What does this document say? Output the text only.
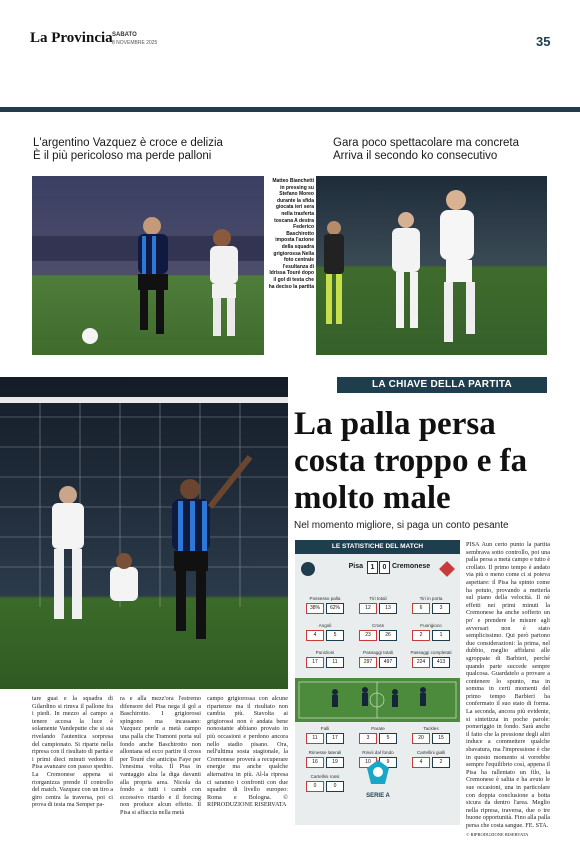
La Provincia SABATO
8 NOVEMBRE 2025	35
L'argentino Vazquez è croce e delizia
È il più pericoloso ma perde palloni
Gara poco spettacolare ma concreta
Arriva il secondo ko consecutivo
Matteo Bianchetti in pressing su Stefano Moreo durante la sfida giocata ieri sera nella trasferta toscana A destra Federico Baschirotto imposta l'azione della squadra grigiorossa Nella foto centrale l'esultanza di Idrissa Touré dopo il gol di testa che ha deciso la partita
LA CHIAVE DELLA PARTITA
La palla persa costa troppo e fa molto male
Nel momento migliore, si paga un conto pesante
LE STATISTICHE DEL MATCH
Pisa	1	0 Cremonese
Possesso palla
38%	62%
Tiri totali
12	13
Tiri in porta
6	3
Angoli
4	5
Cross
23	26
Fuorigioco
2	1
Punizioni
17	11
Passaggi totali
297	497
Passaggi completati
224	413
Falli
11	17
Parate
3	5
Tackles
20	15
Rimesse laterali
16	19
Rinvii dal fondo
10	9
Cartellini gialli
4	2
Cartellini rossi
0	0
SERIE A
PISA Aun certo punto la partita sembrava sotto controllo, poi una palla persa a metà campo e tutto è crollato. Il primo tempo è andato via più o meno come ci si poteva aspettare: il Pisa ha spinto come ha potuto, provando a metterla sul piano della velocità. Il nè effetti nei primi minuti la Cremonese ha anche sofferto un po' e prendere le misure agli avversari non è stato semplicissimo. Qui però partono due considerazioni: la prima, nel dubbio, meglio affidarsi alle sgroppate di Barbieri, perché quando parte succede sempre qualcosa. Guardatelo a provare a contenere lo spunto, ma in somma in certi momenti del primo tempo Barbieri ha confermato il suo stato di forma. La seconda, ancora più evidente, si sintetizza in poche parole: pomeriggio in fondo. Sarà anche il fatto che la pressione degli altri induce a commettere qualche sbavatura, ma l'impressione è che in questo momento si vorrebbe sempre l'equilibrio così, appena il Pisa ha rallentato un filo, la Cremonese è salita e ha avuto le sue occasioni, una in particolare con doppia conclusione a botta sicura da dentro l'area. Meglio nella ripresa, traversa, due o tre buone opportunità. Fino alla palla persa che costa sangue. FE. STA.
© RIPRODUZIONE RISERVATA
tare guai e la squadra di Gilardino si rimva il pallone fra i piedi. In mezzo al campo a tenere accesa la luce è solamente Vandeputte che si sta rivelando l'autentica sorpresa del campionato. Si riparte nella ripresa con il risultato di parità e i primi dieci minuti vedono il Pisa avanzare con passo spedito. La Cremonese appena si riorganizza prende il controllo del match. Vazquez con un tiro a giro centra la traversa, poi ci prova di testa ma Semper pa-
ra e alla mezz'ora l'estremo difensore del Pisa nega il gol a Baschirotto. I grigiorossi spingono ma incassano: Vazquez perde a metà campo una palla che Tramoni porta sul fondo anche Baschirotto non allontana ed ecco partire il cross per Touré che anticipa Faye per l'enesima volta. Il Pisa in vantaggio alza la diga davanti alla propria area. Nicola da fondo a tutti i cambi con eccessivo ritardo e il forcing non produce alcun effetto. Il Pisa si affaccia nella metà
campo grigiorossa con alcune ripartenze ma il risultato non cambia più. Stavolta ai grigiorossi non è andata bene nonostante abbiano provato in più occasioni e perdono ancora nello stadio pisano. Ora, nell'ultima sosta stagionale, la Cremonese proverà a recuperare energie ma anche qualche alternativa in più. Al-la ripresa ci saranno i confronti con due squadre di livello europeo: Roma e Bologna. © RIPRODUZIONE RISERVATA
